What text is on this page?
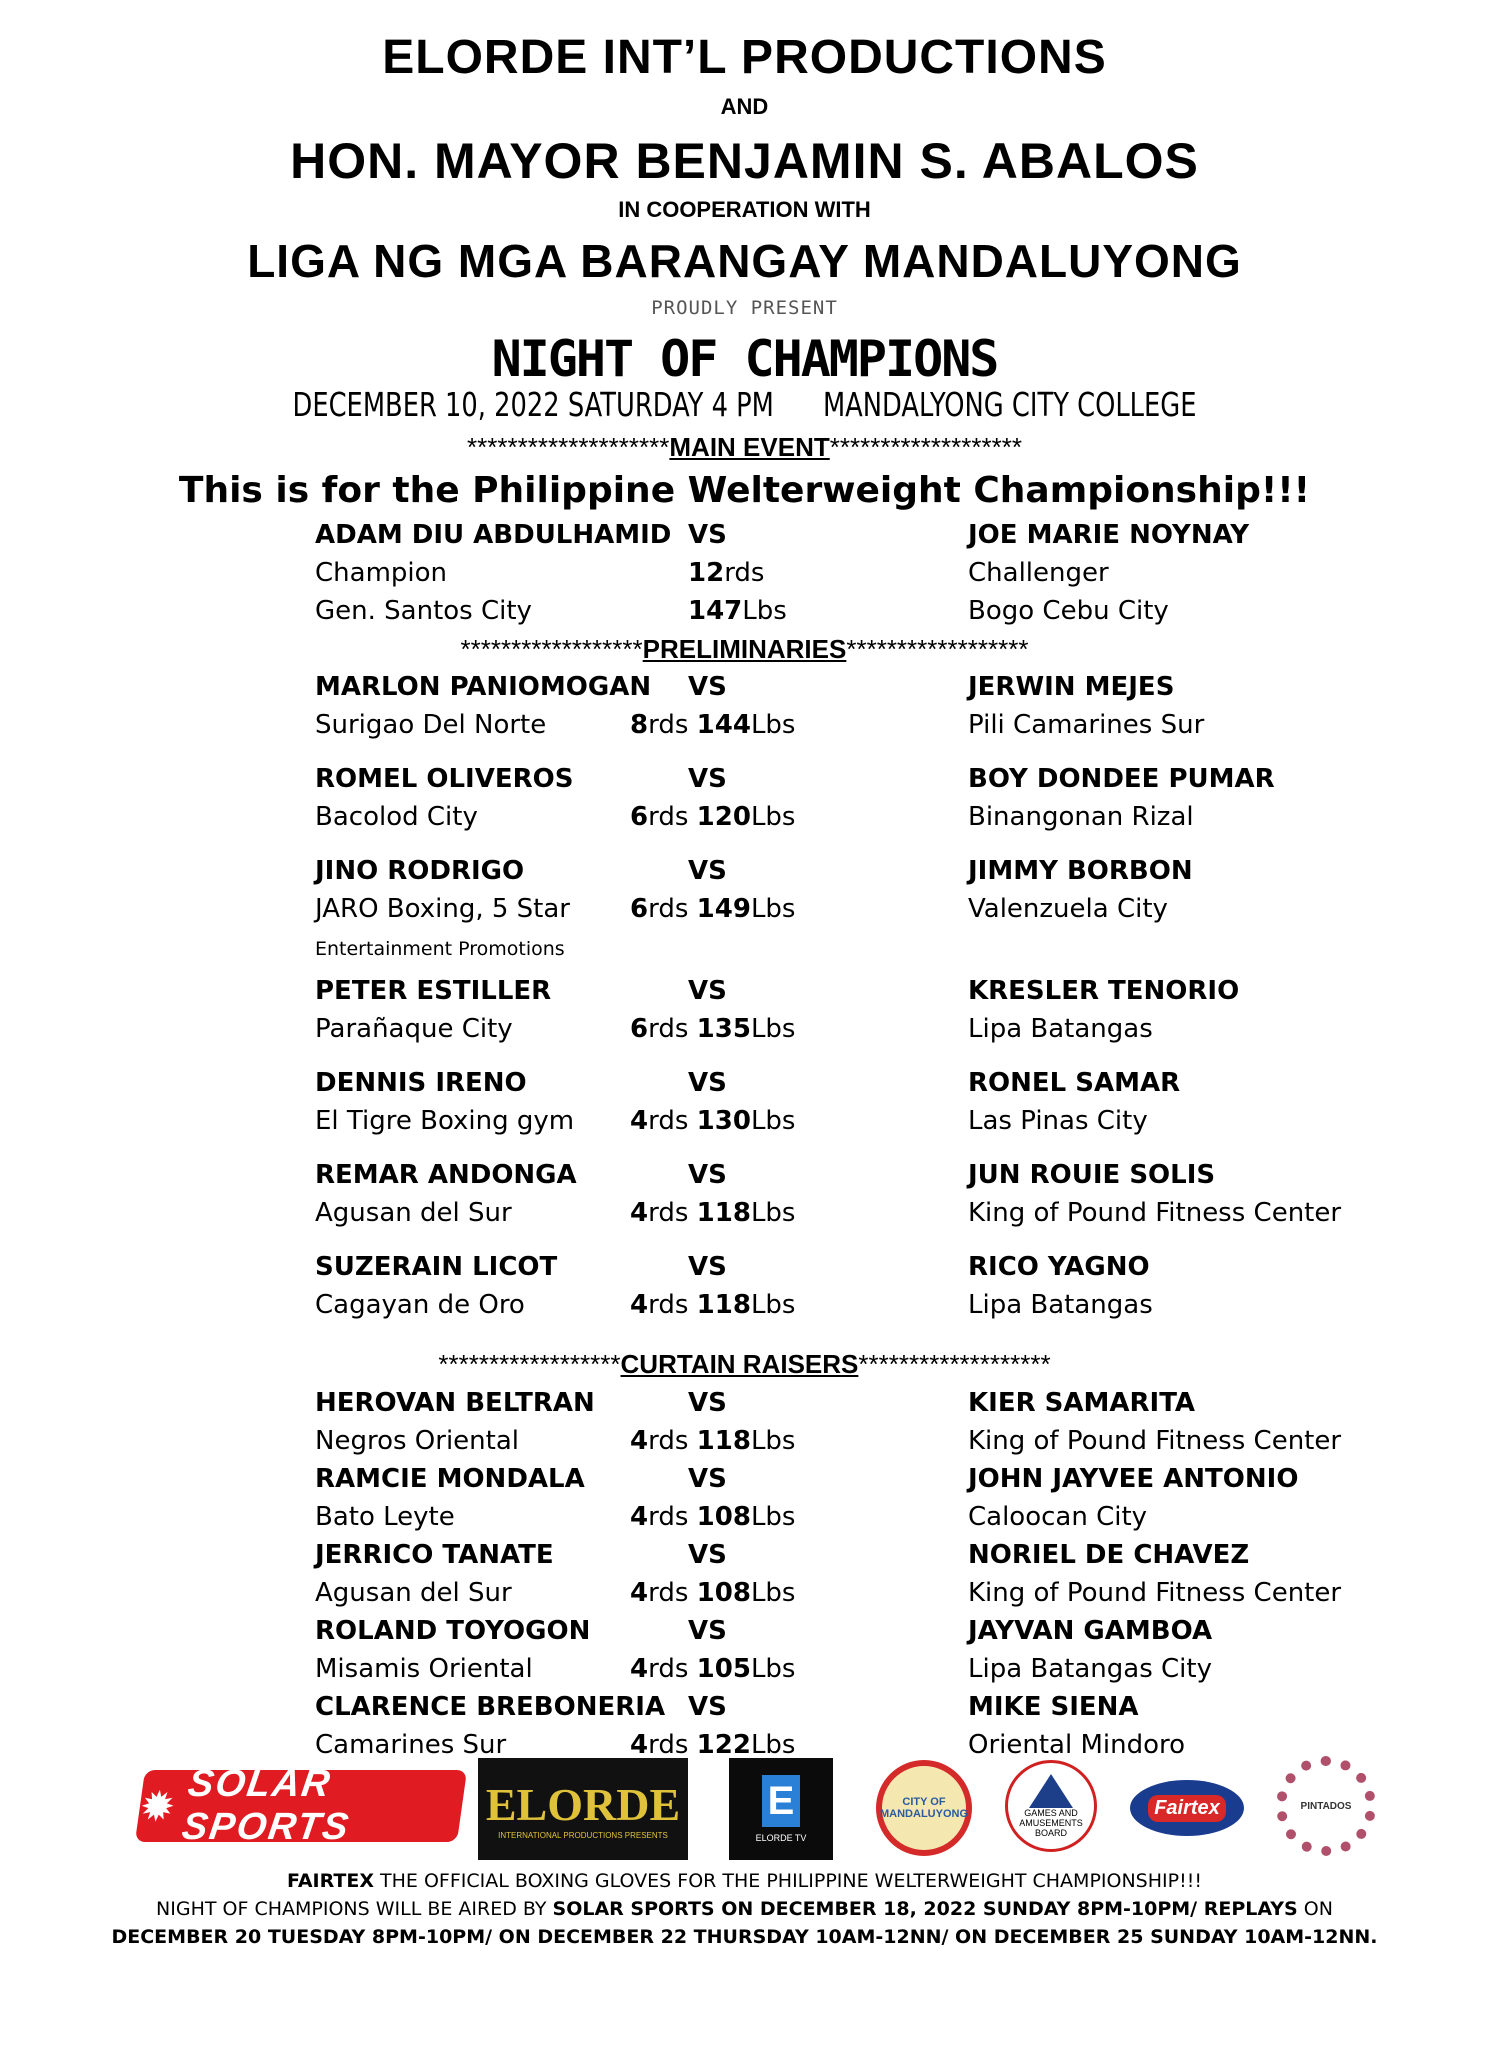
ELORDE INT’L PRODUCTIONS
AND
HON. MAYOR BENJAMIN S. ABALOS
IN COOPERATION WITH
LIGA NG MGA BARANGAY MANDALUYONG
PROUDLY PRESENT
NIGHT OF CHAMPIONS
DECEMBER 10, 2022 SATURDAY 4 PM MANDALYONG CITY COLLEGE
********************MAIN EVENT*******************
This is for the Philippine Welterweight Championship!!!
ADAM DIU ABDULHAMID VS	JOE MARIE NOYNAY
Champion	12rds	Challenger
Gen. Santos City	147Lbs	Bogo Cebu City
******************PRELIMINARIES******************
******************CURTAIN RAISERS*******************
✹ SOLAR SPORTS	ELORDE
INTERNATIONAL PRODUCTIONS PRESENTS
E
ELORDE TV
CITY OF MANDALUYONG	GAMES AND AMUSEMENTS BOARD
Fairtex	PINTADOS
FAIRTEX THE OFFICIAL BOXING GLOVES FOR THE PHILIPPINE WELTERWEIGHT CHAMPIONSHIP!!!
NIGHT OF CHAMPIONS WILL BE AIRED BY SOLAR SPORTS ON DECEMBER 18, 2022 SUNDAY 8PM-10PM/ REPLAYS ON
DECEMBER 20 TUESDAY 8PM-10PM/ ON DECEMBER 22 THURSDAY 10AM-12NN/ ON DECEMBER 25 SUNDAY 10AM-12NN.
MARLON PANIOMOGAN VS	JERWIN MEJES
Surigao Del Norte	8rds 144Lbs	Pili Camarines Sur
ROMEL OLIVEROS	VS	BOY DONDEE PUMAR
Bacolod City	6rds 120Lbs	Binangonan Rizal
JINO RODRIGO	VS	JIMMY BORBON
JARO Boxing, 5 Star 6rds 149Lbs	Valenzuela City
Entertainment Promotions
PETER ESTILLER	VS	KRESLER TENORIO
Parañaque City	6rds 135Lbs	Lipa Batangas
DENNIS IRENO	VS	RONEL SAMAR
El Tigre Boxing gym 4rds 130Lbs	Las Pinas City
REMAR ANDONGA	VS	JUN ROUIE SOLIS
Agusan del Sur	4rds 118Lbs	King of Pound Fitness Center
SUZERAIN LICOT	VS	RICO YAGNO
Cagayan de Oro	4rds 118Lbs	Lipa Batangas
HEROVAN BELTRAN	VS	KIER SAMARITA
Negros Oriental	4rds 118Lbs	King of Pound Fitness Center
RAMCIE MONDALA	VS	JOHN JAYVEE ANTONIO
Bato Leyte	4rds 108Lbs	Caloocan City
JERRICO TANATE	VS	NORIEL DE CHAVEZ
Agusan del Sur	4rds 108Lbs	King of Pound Fitness Center
ROLAND TOYOGON	VS	JAYVAN GAMBOA
Misamis Oriental	4rds 105Lbs	Lipa Batangas City
CLARENCE BREBONERIA VS	MIKE SIENA
Camarines Sur	4rds 122Lbs	Oriental Mindoro
